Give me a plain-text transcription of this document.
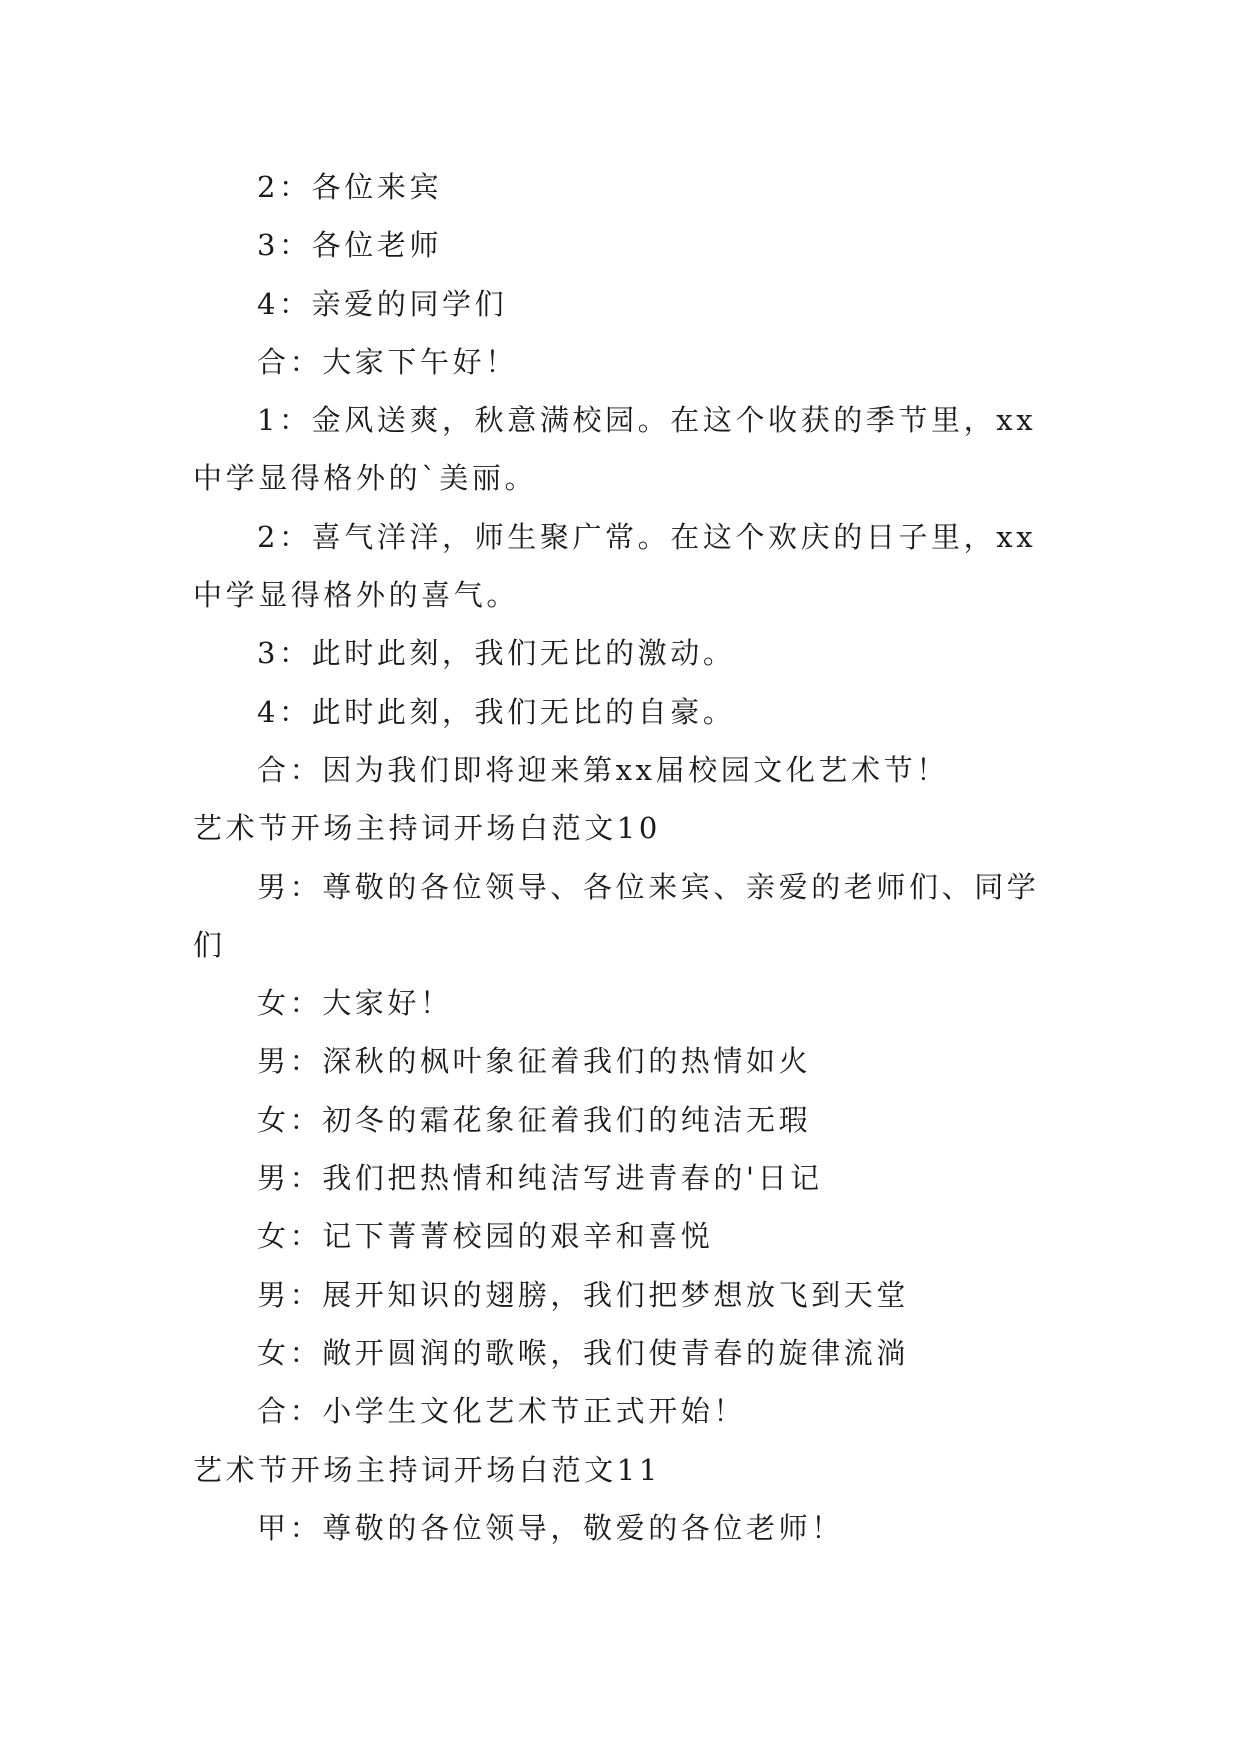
2：各位来宾

3：各位老师

4：亲爱的同学们

合：大家下午好！

1：金风送爽，秋意满校园。在这个收获的季节里，xx中学显得格外的`美丽。

2：喜气洋洋，师生聚广常。在这个欢庆的日子里，xx中学显得格外的喜气。

3：此时此刻，我们无比的激动。

4：此时此刻，我们无比的自豪。

合：因为我们即将迎来第xx届校园文化艺术节！

艺术节开场主持词开场白范文10

男：尊敬的各位领导、各位来宾、亲爱的老师们、同学们

女：大家好！

男：深秋的枫叶象征着我们的热情如火

女：初冬的霜花象征着我们的纯洁无瑕

男：我们把热情和纯洁写进青春的'日记

女：记下菁菁校园的艰辛和喜悦

男：展开知识的翅膀，我们把梦想放飞到天堂

女：敞开圆润的歌喉，我们使青春的旋律流淌

合：小学生文化艺术节正式开始！

艺术节开场主持词开场白范文11

甲：尊敬的各位领导，敬爱的各位老师！
